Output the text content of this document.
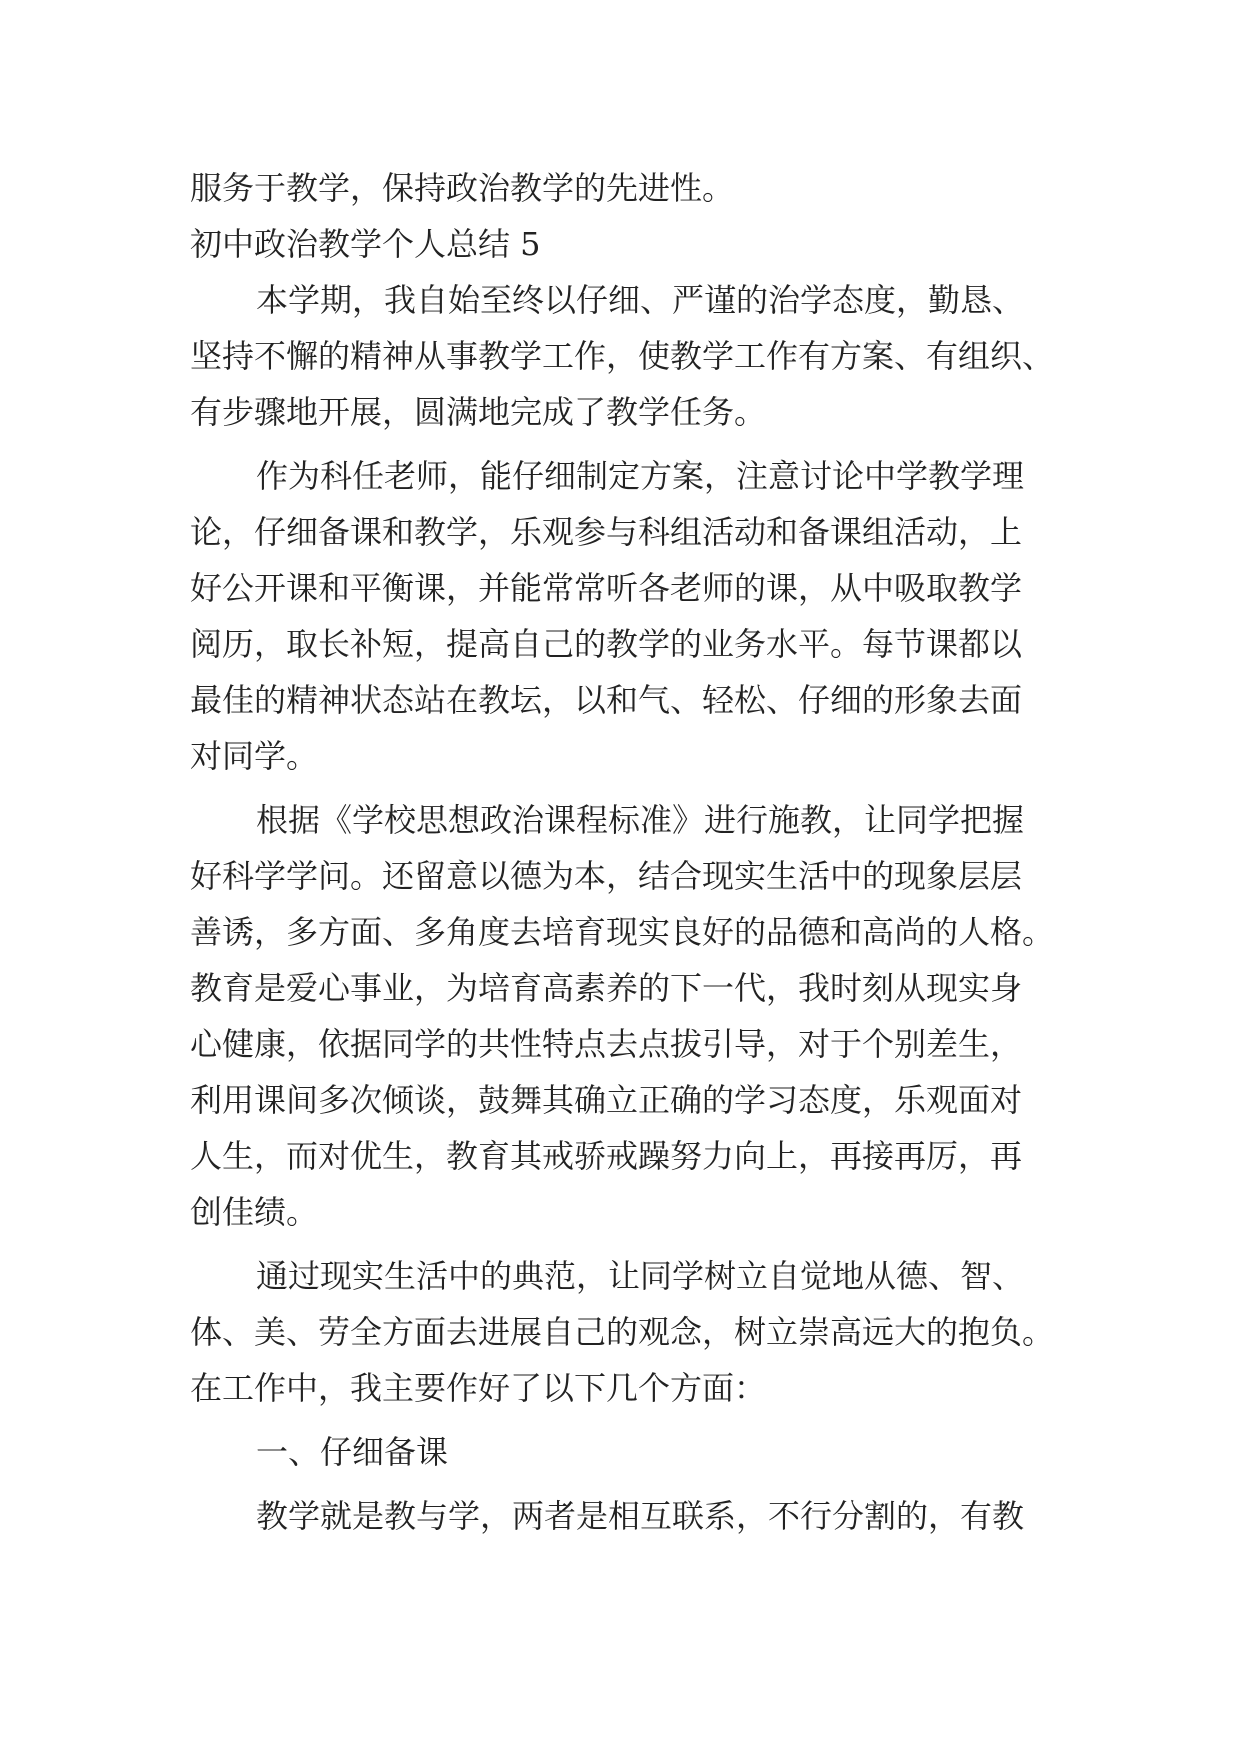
服务于教学，保持政治教学的先进性。
初中政治教学个人总结 5
本学期，我自始至终以仔细、严谨的治学态度，勤恳、
坚持不懈的精神从事教学工作，使教学工作有方案、有组织、
有步骤地开展，圆满地完成了教学任务。
作为科任老师，能仔细制定方案，注意讨论中学教学理
论，仔细备课和教学，乐观参与科组活动和备课组活动，上
好公开课和平衡课，并能常常听各老师的课，从中吸取教学
阅历，取长补短，提高自己的教学的业务水平。每节课都以
最佳的精神状态站在教坛，以和气、轻松、仔细的形象去面
对同学。
根据《学校思想政治课程标准》进行施教，让同学把握
好科学学问。还留意以德为本，结合现实生活中的现象层层
善诱，多方面、多角度去培育现实良好的品德和高尚的人格。
教育是爱心事业，为培育高素养的下一代，我时刻从现实身
心健康，依据同学的共性特点去点拔引导，对于个别差生，
利用课间多次倾谈，鼓舞其确立正确的学习态度，乐观面对
人生，而对优生，教育其戒骄戒躁努力向上，再接再厉，再
创佳绩。
通过现实生活中的典范，让同学树立自觉地从德、智、
体、美、劳全方面去进展自己的观念，树立崇高远大的抱负。
在工作中，我主要作好了以下几个方面：
一、仔细备课
教学就是教与学，两者是相互联系，不行分割的，有教
